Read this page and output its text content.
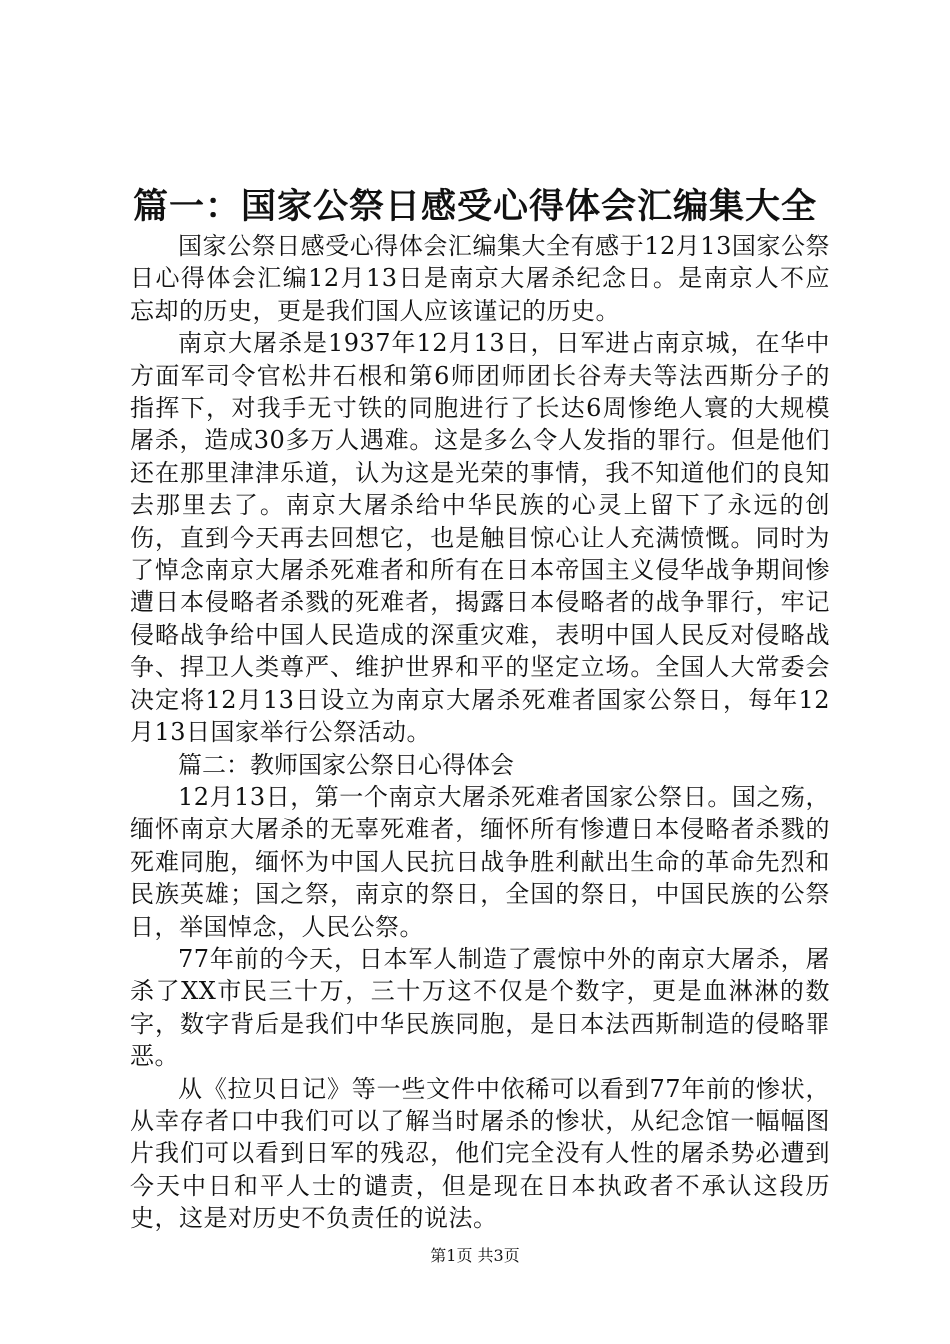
篇一：国家公祭日感受心得体会汇编集大全

国家公祭日感受心得体会汇编集大全有感于12月13国家公祭日心得体会汇编12月13日是南京大屠杀纪念日。是南京人不应忘却的历史，更是我们国人应该谨记的历史。

南京大屠杀是1937年12月13日，日军进占南京城，在华中方面军司令官松井石根和第6师团师团长谷寿夫等法西斯分子的指挥下，对我手无寸铁的同胞进行了长达6周惨绝人寰的大规模屠杀，造成30多万人遇难。这是多么令人发指的罪行。但是他们还在那里津津乐道，认为这是光荣的事情，我不知道他们的良知去那里去了。南京大屠杀给中华民族的心灵上留下了永远的创伤，直到今天再去回想它，也是触目惊心让人充满愤慨。同时为了悼念南京大屠杀死难者和所有在日本帝国主义侵华战争期间惨遭日本侵略者杀戮的死难者，揭露日本侵略者的战争罪行，牢记侵略战争给中国人民造成的深重灾难，表明中国人民反对侵略战争、捍卫人类尊严、维护世界和平的坚定立场。全国人大常委会决定将12月13日设立为南京大屠杀死难者国家公祭日，每年12月13日国家举行公祭活动。

篇二：教师国家公祭日心得体会

12月13日，第一个南京大屠杀死难者国家公祭日。国之殇，缅怀南京大屠杀的无辜死难者，缅怀所有惨遭日本侵略者杀戮的死难同胞，缅怀为中国人民抗日战争胜利献出生命的革命先烈和民族英雄；国之祭，南京的祭日，全国的祭日，中国民族的公祭日，举国悼念，人民公祭。

77年前的今天，日本军人制造了震惊中外的南京大屠杀，屠杀了XX市民三十万，三十万这不仅是个数字，更是血淋淋的数字，数字背后是我们中华民族同胞，是日本法西斯制造的侵略罪恶。

从《拉贝日记》等一些文件中依稀可以看到77年前的惨状，从幸存者口中我们可以了解当时屠杀的惨状，从纪念馆一幅幅图片我们可以看到日军的残忍，他们完全没有人性的屠杀势必遭到今天中日和平人士的谴责，但是现在日本执政者不承认这段历史，这是对历史不负责任的说法。

第1页 共3页
